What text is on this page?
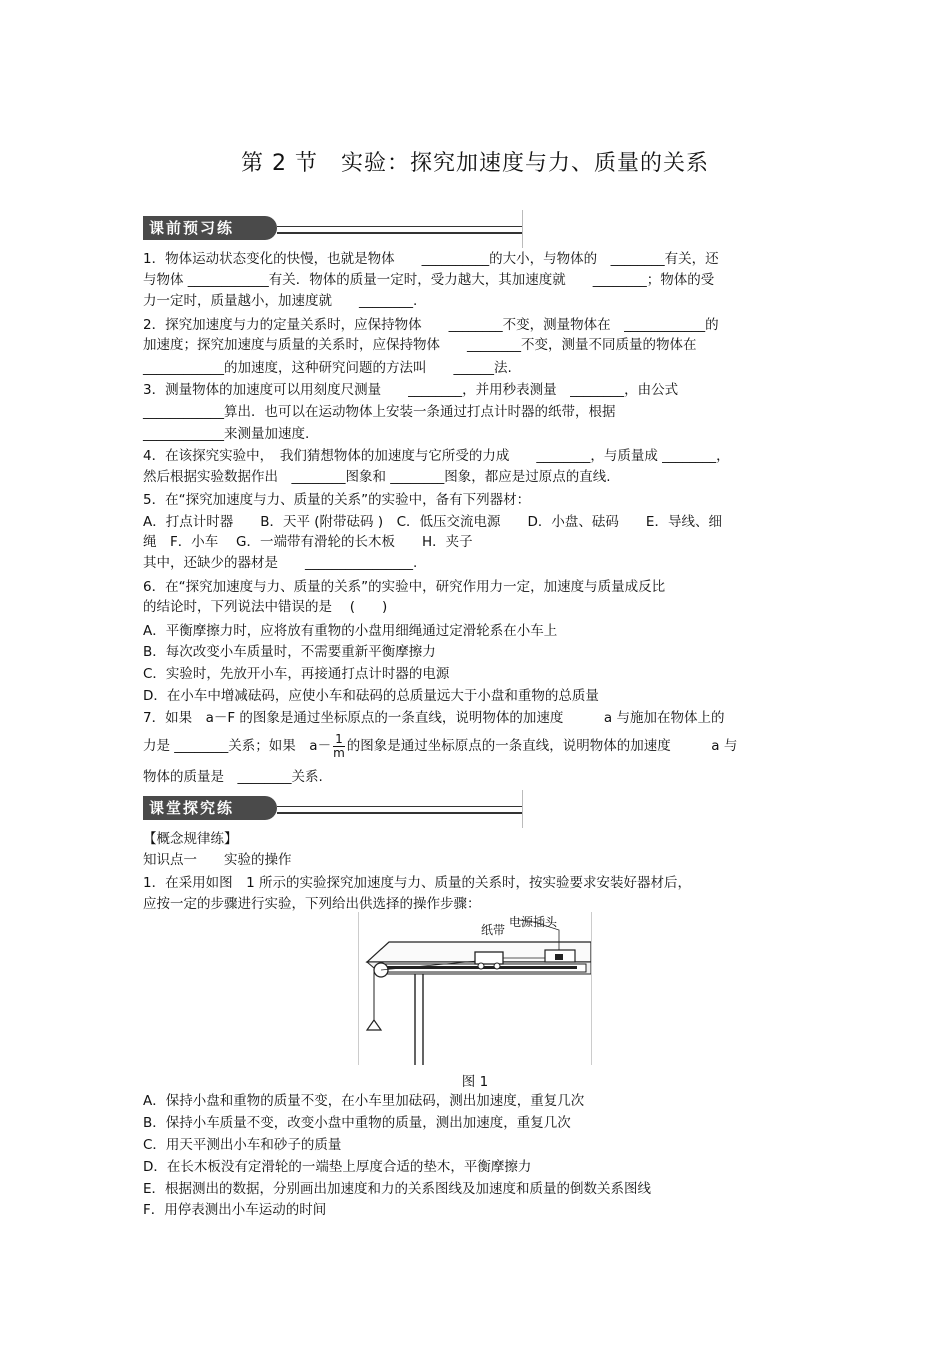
第 2 节　实验：探究加速度与力、质量的关系
课前预习练
1．物体运动状态变化的快慢，也就是物体　　__________的大小，与物体的　________有关，还
与物体 ____________有关．物体的质量一定时，受力越大，其加速度就　　________；物体的受
力一定时，质量越小，加速度就　　________.
2．探究加速度与力的定量关系时，应保持物体　　________不变，测量物体在　____________的
加速度；探究加速度与质量的关系时，应保持物体　　________不变，测量不同质量的物体在
____________的加速度，这种研究问题的方法叫　　______法.
3．测量物体的加速度可以用刻度尺测量　　________，并用秒表测量　________，由公式
____________算出．也可以在运动物体上安装一条通过打点计时器的纸带，根据
____________来测量加速度.
4．在该探究实验中，　我们猜想物体的加速度与它所受的力成　　________，与质量成 ________，
然后根据实验数据作出　________图象和 ________图象，都应是过原点的直线.
5．在“探究加速度与力、质量的关系”的实验中，备有下列器材：
A．打点计时器　　B．天平 (附带砝码 )　C．低压交流电源　　D．小盘、砝码　　E．导线、细
绳　F．小车　 G．一端带有滑轮的长木板　　H．夹子
其中，还缺少的器材是　　________________.
6．在“探究加速度与力、质量的关系”的实验中，研究作用力一定，加速度与质量成反比
的结论时，下列说法中错误的是　 (　　)
A．平衡摩擦力时，应将放有重物的小盘用细绳通过定滑轮系在小车上
B．每次改变小车质量时，不需要重新平衡摩擦力
C．实验时，先放开小车，再接通打点计时器的电源
D．在小车中增减砝码，应使小车和砝码的总质量远大于小盘和重物的总质量
7．如果　a－F 的图象是通过坐标原点的一条直线，说明物体的加速度　　　a 与施加在物体上的
力是 ________关系；如果　$a- \frac{1}{m}$ 的图象是通过坐标原点的一条直线，说明物体的加速度　　　a 与
物体的质量是　________关系.
课堂探究练
【概念规律练】
知识点一　　实验的操作
1．在采用如图　1 所示的实验探究加速度与力、质量的关系时，按实验要求安装好器材后，
应按一定的步骤进行实验，下列给出供选择的操作步骤：
纸带
电源插头
图 1
A．保持小盘和重物的质量不变，在小车里加砝码，测出加速度，重复几次
B．保持小车质量不变，改变小盘中重物的质量，测出加速度，重复几次
C．用天平测出小车和砂子的质量
D．在长木板没有定滑轮的一端垫上厚度合适的垫木，平衡摩擦力
E．根据测出的数据，分别画出加速度和力的关系图线及加速度和质量的倒数关系图线
F．用停表测出小车运动的时间
